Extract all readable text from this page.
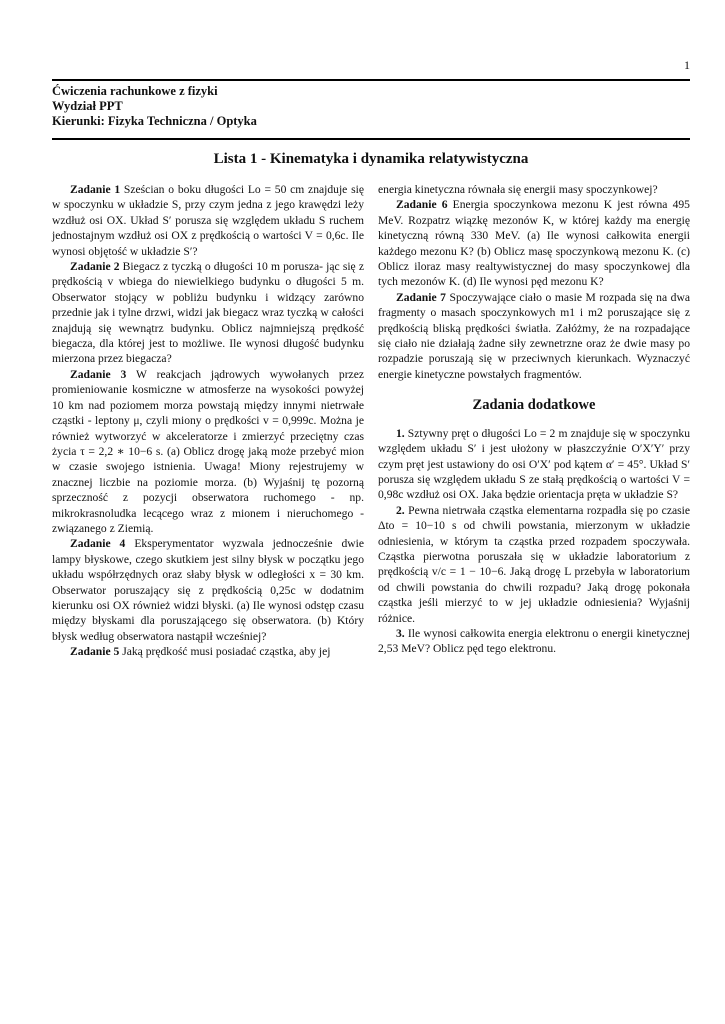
1
Ćwiczenia rachunkowe z fizyki
Wydział PPT
Kierunki: Fizyka Techniczna / Optyka
Lista 1 - Kinematyka i dynamika relatywistyczna

Zadanie 1 Sześcian o boku długości Lo = 50 cm znajduje się w spoczynku w układzie S, przy czym jedna z jego krawędzi leży wzdłuż osi OX. Układ S′ porusza się względem układu S ruchem jednostajnym wzdłuż osi OX z prędkością o wartości V = 0,6c. Ile wynosi objętość w układzie S′?

Zadanie 2 Biegacz z tyczką o długości 10 m porusza- jąc się z prędkością v wbiega do niewielkiego budynku o długości 5 m. Obserwator stojący w pobliżu budynku i widzący zarówno przednie jak i tylne drzwi, widzi jak biegacz wraz tyczką w całości znajdują się wewnątrz budynku. Oblicz najmniejszą prędkość biegacza, dla której jest to możliwe. Ile wynosi długość budynku mierzona przez biegacza?

Zadanie 3 W reakcjach jądrowych wywołanych przez promieniowanie kosmiczne w atmosferze na wysokości powyżej 10 km nad poziomem morza powstają między innymi nietrwałe cząstki - leptony μ, czyli miony o prędkości v = 0,999c. Można je również wytworzyć w akceleratorze i zmierzyć przeciętny czas życia τ = 2,2 ∗ 10−6 s. (a) Oblicz drogę jaką może przebyć mion w czasie swojego istnienia. Uwaga! Miony rejestrujemy w znacznej liczbie na poziomie morza. (b) Wyjaśnij tę pozorną sprzeczność z pozycji obserwatora ruchomego - np. mikrokrasnoludka lecącego wraz z mionem i nieruchomego - związanego z Ziemią.

Zadanie 4 Eksperymentator wyzwala jednocześnie dwie lampy błyskowe, czego skutkiem jest silny błysk w początku jego układu współrzędnych oraz słaby błysk w odległości x = 30 km. Obserwator poruszający się z prędkością 0,25c w dodatnim kierunku osi OX również widzi błyski. (a) Ile wynosi odstęp czasu między błyskami dla poruszającego się obserwatora. (b) Który błysk według obserwatora nastąpił wcześniej?

Zadanie 5 Jaką prędkość musi posiadać cząstka, aby jej

energia kinetyczna równała się energii masy spoczynkowej?

Zadanie 6 Energia spoczynkowa mezonu K jest równa 495 MeV. Rozpatrz wiązkę mezonów K, w której każdy ma energię kinetyczną równą 330 MeV. (a) Ile wynosi całkowita energii każdego mezonu K? (b) Oblicz masę spoczynkową mezonu K. (c) Oblicz iloraz masy realtywistycznej do masy spoczynkowej dla tych mezonów K. (d) Ile wynosi pęd mezonu K?

Zadanie 7 Spoczywające ciało o masie M rozpada się na dwa fragmenty o masach spoczynkowych m1 i m2 poruszające się z prędkością bliską prędkości światła. Załóżmy, że na rozpadające się ciało nie działają żadne siły zewnetrzne oraz że dwie masy po rozpadzie poruszają się w przeciwnych kierunkach. Wyznaczyć energie kinetyczne powstałych fragmentów.

Zadania dodatkowe

1. Sztywny pręt o długości Lo = 2 m znajduje się w spoczynku względem układu S′ i jest ułożony w płaszczyźnie O′X′Y′ przy czym pręt jest ustawiony do osi O′X′ pod kątem α′ = 45°. Układ S′ porusza się względem układu S ze stałą prędkością o wartości V = 0,98c wzdłuż osi OX. Jaka będzie orientacja pręta w układzie S?

2. Pewna nietrwała cząstka elementarna rozpadła się po czasie Δto = 10−10 s od chwili powstania, mierzonym w układzie odniesienia, w którym ta cząstka przed rozpadem spoczywała. Cząstka pierwotna poruszała się w układzie laboratorium z prędkością v/c = 1 − 10−6. Jaką drogę L przebyła w laboratorium od chwili powstania do chwili rozpadu? Jaką drogę pokonała cząstka jeśli mierzyć to w jej układzie odniesienia? Wyjaśnij różnice.

3. Ile wynosi całkowita energia elektronu o energii kinetycznej 2,53 MeV? Oblicz pęd tego elektronu.
